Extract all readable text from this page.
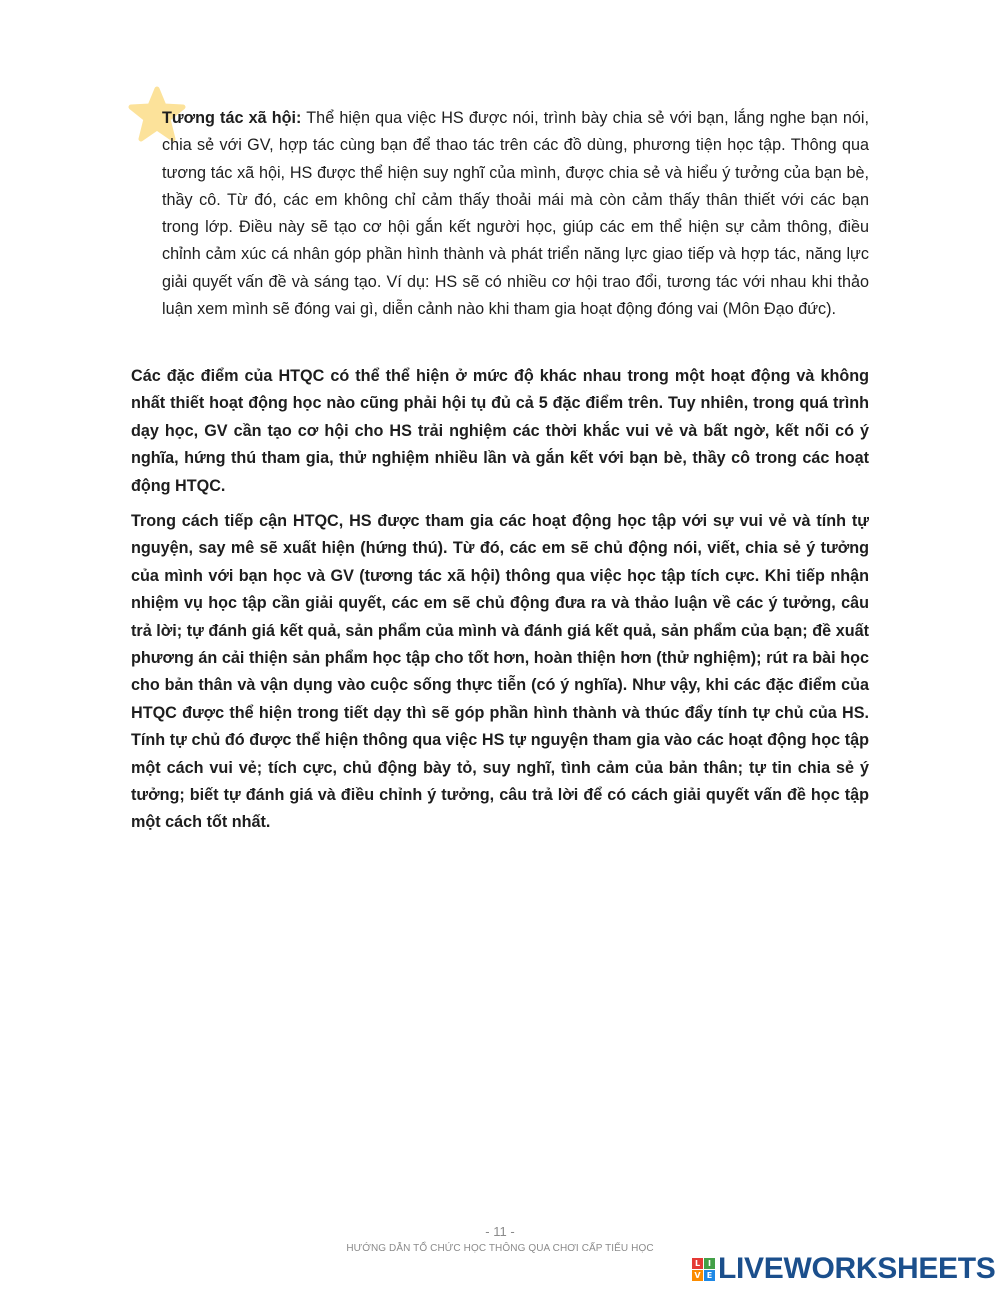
Tương tác xã hội: Thể hiện qua việc HS được nói, trình bày chia sẻ với bạn, lắng nghe bạn nói, chia sẻ với GV, hợp tác cùng bạn để thao tác trên các đồ dùng, phương tiện học tập. Thông qua tương tác xã hội, HS được thể hiện suy nghĩ của mình, được chia sẻ và hiểu ý tưởng của bạn bè, thầy cô. Từ đó, các em không chỉ cảm thấy thoải mái mà còn cảm thấy thân thiết với các bạn trong lớp. Điều này sẽ tạo cơ hội gắn kết người học, giúp các em thể hiện sự cảm thông, điều chỉnh cảm xúc cá nhân góp phần hình thành và phát triển năng lực giao tiếp và hợp tác, năng lực giải quyết vấn đề và sáng tạo. Ví dụ: HS sẽ có nhiều cơ hội trao đổi, tương tác với nhau khi thảo luận xem mình sẽ đóng vai gì, diễn cảnh nào khi tham gia hoạt động đóng vai (Môn Đạo đức).
Các đặc điểm của HTQC có thể thể hiện ở mức độ khác nhau trong một hoạt động và không nhất thiết hoạt động học nào cũng phải hội tụ đủ cả 5 đặc điểm trên. Tuy nhiên, trong quá trình dạy học, GV cần tạo cơ hội cho HS trải nghiệm các thời khắc vui vẻ và bất ngờ, kết nối có ý nghĩa, hứng thú tham gia, thử nghiệm nhiều lần và gắn kết với bạn bè, thầy cô trong các hoạt động HTQC.
Trong cách tiếp cận HTQC, HS được tham gia các hoạt động học tập với sự vui vẻ và tính tự nguyện, say mê sẽ xuất hiện (hứng thú). Từ đó, các em sẽ chủ động nói, viết, chia sẻ ý tưởng của mình với bạn học và GV (tương tác xã hội) thông qua việc học tập tích cực. Khi tiếp nhận nhiệm vụ học tập cần giải quyết, các em sẽ chủ động đưa ra và thảo luận về các ý tưởng, câu trả lời; tự đánh giá kết quả, sản phẩm của mình và đánh giá kết quả, sản phẩm của bạn; đề xuất phương án cải thiện sản phẩm học tập cho tốt hơn, hoàn thiện hơn (thử nghiệm); rút ra bài học cho bản thân và vận dụng vào cuộc sống thực tiễn (có ý nghĩa). Như vậy, khi các đặc điểm của HTQC được thể hiện trong tiết dạy thì sẽ góp phần hình thành và thúc đẩy tính tự chủ của HS. Tính tự chủ đó được thể hiện thông qua việc HS tự nguyện tham gia vào các hoạt động học tập một cách vui vẻ; tích cực, chủ động bày tỏ, suy nghĩ, tình cảm của bản thân; tự tin chia sẻ ý tưởng; biết tự đánh giá và điều chỉnh ý tưởng, câu trả lời để có cách giải quyết vấn đề học tập một cách tốt nhất.
- 11 -
HƯỚNG DẪN TỔ CHỨC HỌC THÔNG QUA CHƠI CẤP TIỂU HỌC
L I
V E LIVEWORKSHEETS
